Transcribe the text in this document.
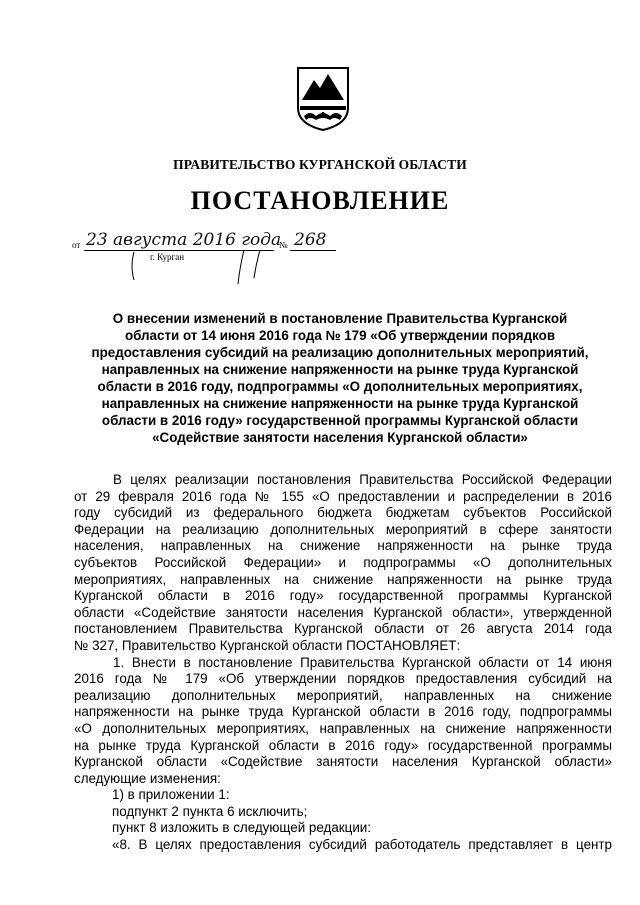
ПРАВИТЕЛЬСТВО КУРГАНСКОЙ ОБЛАСТИ
ПОСТАНОВЛЕНИЕ
от 23 августа 2016 года
№ 268
г. Курган
О внесении изменений в постановление Правительства Курганской
области от 14 июня 2016 года № 179 «Об утверждении порядков
предоставления субсидий на реализацию дополнительных мероприятий,
направленных на снижение напряженности на рынке труда Курганской
области в 2016 году, подпрограммы «О дополнительных мероприятиях,
направленных на снижение напряженности на рынке труда Курганской
области в 2016 году» государственной программы Курганской области
«Содействие занятости населения Курганской области»
В целях реализации постановления Правительства Российской Федерации
от 29 февраля 2016 года № 155 «О предоставлении и распределении в 2016
году субсидий из федерального бюджета бюджетам субъектов Российской
Федерации на реализацию дополнительных мероприятий в сфере занятости
населения, направленных на снижение напряженности на рынке труда
субъектов Российской Федерации» и подпрограммы «О дополнительных
мероприятиях, направленных на снижение напряженности на рынке труда
Курганской области в 2016 году» государственной программы Курганской
области «Содействие занятости населения Курганской области», утвержденной
постановлением Правительства Курганской области от 26 августа 2014 года
№ 327, Правительство Курганской области ПОСТАНОВЛЯЕТ:
1. Внести в постановление Правительства Курганской области от 14 июня
2016 года № 179 «Об утверждении порядков предоставления субсидий на
реализацию дополнительных мероприятий, направленных на снижение
напряженности на рынке труда Курганской области в 2016 году, подпрограммы
«О дополнительных мероприятиях, направленных на снижение напряженности
на рынке труда Курганской области в 2016 году» государственной программы
Курганской области «Содействие занятости населения Курганской области»
следующие изменения:
1) в приложении 1:
подпункт 2 пункта 6 исключить;
пункт 8 изложить в следующей редакции:
«8. В целях предоставления субсидий работодатель представляет в центр
